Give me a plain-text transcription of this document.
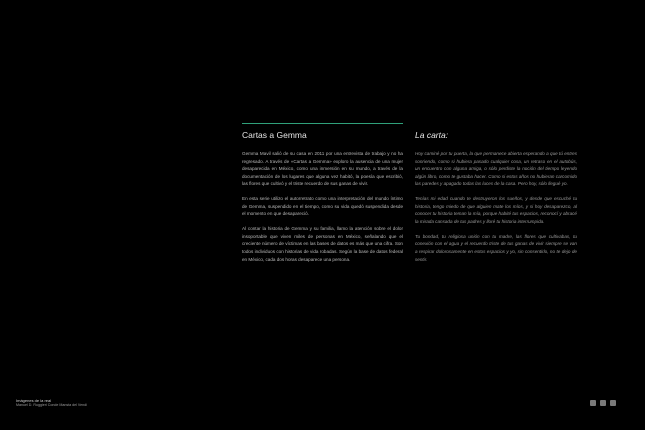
Cartas a Gemma

Gemma Mavil salió de su casa en 2011 por una entrevista de trabajo y no ha regresado. A través de «Cartas a Gemma» exploro la ausencia de una mujer desaparecida en México, como una inmersión en su mundo, a través de la documentación de los lugares que alguna vez habitó, la poesía que escribió, las flores que cultivó y el triste recuerdo de sus ganas de vivir.

En esta serie utilizo el autorretrato como una interpretación del mundo íntimo de Gemma, suspendido en el tiempo, como su vida quedó suspendida desde el momento en que desapareció.

Al contar la historia de Gemma y su familia, llamo la atención sobre el dolor insoportable que viven miles de personas en México, señalando que el creciente número de víctimas en las bases de datos es más que una cifra. Son todos individuos con historias de vida robadas. Según la base de datos federal en México, cada dos horas desaparece una persona.

La carta:

Hoy caminé por tu puerta, la que permanece abierta esperando a que tú entres sonriendo, como si hubiera pasado cualquier cosa, un retraso en el autobús, un encuentro con alguna amiga, o sólo perdiste la noción del tiempo leyendo algún libro, como te gustaba hacer. Como si estos años no hubieran carcomido las paredes y apagado todas las luces de la casa. Pero hoy, sólo llegué yo.

Tenías mi edad cuando te destruyeron los sueños, y desde que escuché tu historia, tengo miedo de que alguien mate los míos, y si hoy desaparezco, al conocer tu historia teman la mía, porque habité tus espacios, reconocí y abracé la mirada cansada de tus padres y lloré tu historia interrumpida.

Tu bondad, tu religiosa unión con tu madre, las flores que cultivabas, tu conexión con el agua y el recuerdo triste de tus ganas de vivir siempre se van a respirar dolorosamente en estos espacios y yo, sin consentirlo, no te dejo de sentir.

Imágenes de la real
Manuel D. Ruggieri Conde Mansta del Vendi
